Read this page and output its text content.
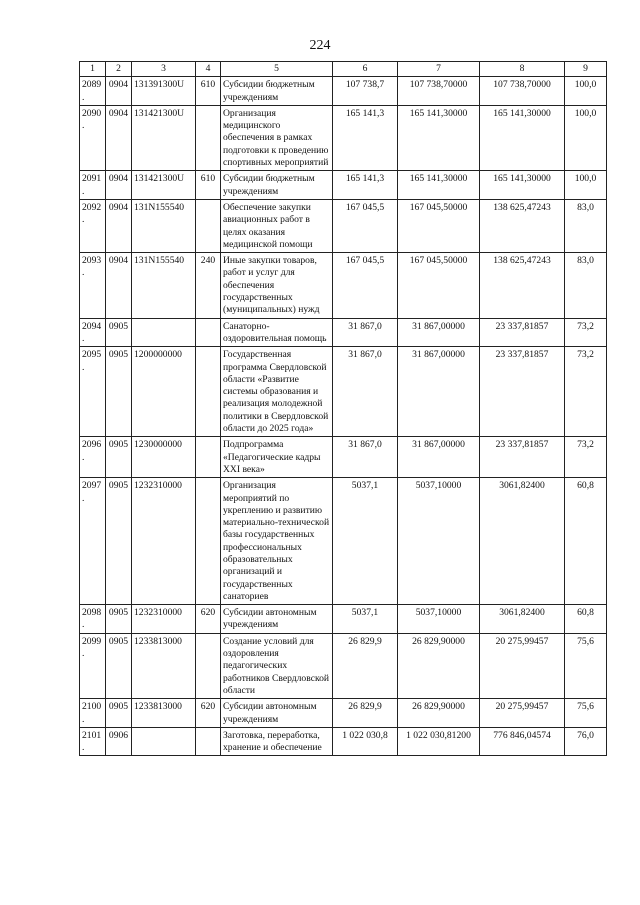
224
1	2	3	4	5	6	7	8	9
2089.	0904	131391300U	610	Субсидии бюджетным учреждениям	107 738,7	107 738,70000	107 738,70000	100,0
2090.	0904	131421300U		Организация медицинского обеспечения в рамках подготовки к проведению спортивных мероприятий	165 141,3	165 141,30000	165 141,30000	100,0
2091.	0904	131421300U	610	Субсидии бюджетным учреждениям	165 141,3	165 141,30000	165 141,30000	100,0
2092.	0904	131N155540		Обеспечение закупки авиационных работ в целях оказания медицинской помощи	167 045,5	167 045,50000	138 625,47243	83,0
2093.	0904	131N155540	240	Иные закупки товаров, работ и услуг для обеспечения государственных (муниципальных) нужд	167 045,5	167 045,50000	138 625,47243	83,0
2094.	0905			Санаторно-оздоровительная помощь	31 867,0	31 867,00000	23 337,81857	73,2
2095.	0905	1200000000		Государственная программа Свердловской области «Развитие системы образования и реализация молодежной политики в Свердловской области до 2025 года»	31 867,0	31 867,00000	23 337,81857	73,2
2096.	0905	1230000000		Подпрограмма «Педагогические кадры XXI века»	31 867,0	31 867,00000	23 337,81857	73,2
2097.	0905	1232310000		Организация мероприятий по укреплению и развитию материально-технической базы государственных профессиональных образовательных организаций и государственных санаториев	5037,1	5037,10000	3061,82400	60,8
2098.	0905	1232310000	620	Субсидии автономным учреждениям	5037,1	5037,10000	3061,82400	60,8
2099.	0905	1233813000		Создание условий для оздоровления педагогических работников Свердловской области	26 829,9	26 829,90000	20 275,99457	75,6
2100.	0905	1233813000	620	Субсидии автономным учреждениям	26 829,9	26 829,90000	20 275,99457	75,6
2101.	0906			Заготовка, переработка, хранение и обеспечение	1 022 030,8	1 022 030,81200	776 846,04574	76,0
